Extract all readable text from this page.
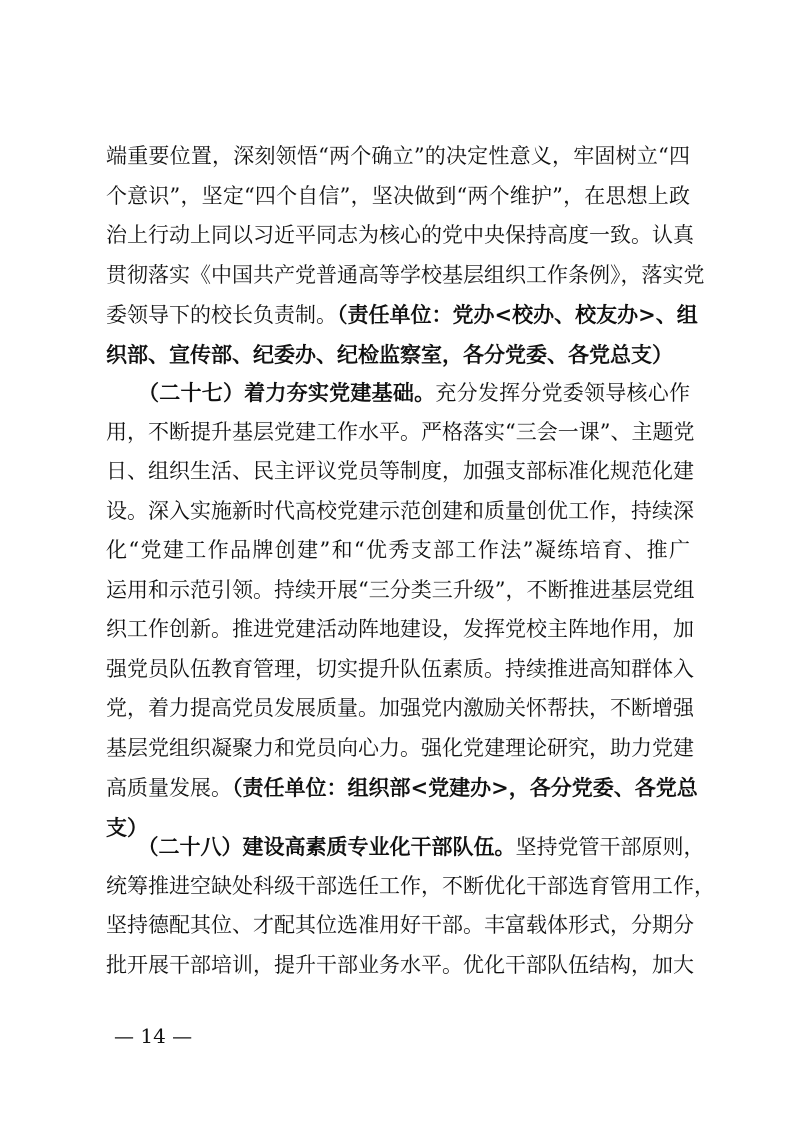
端重要位置，深刻领悟“两个确立”的决定性意义，牢固树立“四
个意识”，坚定“四个自信”，坚决做到“两个维护”，在思想上政
治上行动上同以习近平同志为核心的党中央保持高度一致。认真
贯彻落实《中国共产党普通高等学校基层组织工作条例》，落实党
委领导下的校长负责制。（责任单位：党办<校办、校友办>、组
织部、宣传部、纪委办、纪检监察室，各分党委、各党总支）
　　（二十七）着力夯实党建基础。充分发挥分党委领导核心作
用，不断提升基层党建工作水平。严格落实“三会一课”、主题党
日、组织生活、民主评议党员等制度，加强支部标准化规范化建
设。深入实施新时代高校党建示范创建和质量创优工作，持续深
化“党建工作品牌创建”和“优秀支部工作法”凝练培育、推广
运用和示范引领。持续开展“三分类三升级”，不断推进基层党组
织工作创新。推进党建活动阵地建设，发挥党校主阵地作用，加
强党员队伍教育管理，切实提升队伍素质。持续推进高知群体入
党，着力提高党员发展质量。加强党内激励关怀帮扶，不断增强
基层党组织凝聚力和党员向心力。强化党建理论研究，助力党建
高质量发展。（责任单位：组织部<党建办>，各分党委、各党总
支）
　　（二十八）建设高素质专业化干部队伍。坚持党管干部原则，
统筹推进空缺处科级干部选任工作，不断优化干部选育管用工作，
坚持德配其位、才配其位选准用好干部。丰富载体形式，分期分
批开展干部培训，提升干部业务水平。优化干部队伍结构，加大
— 14 —
